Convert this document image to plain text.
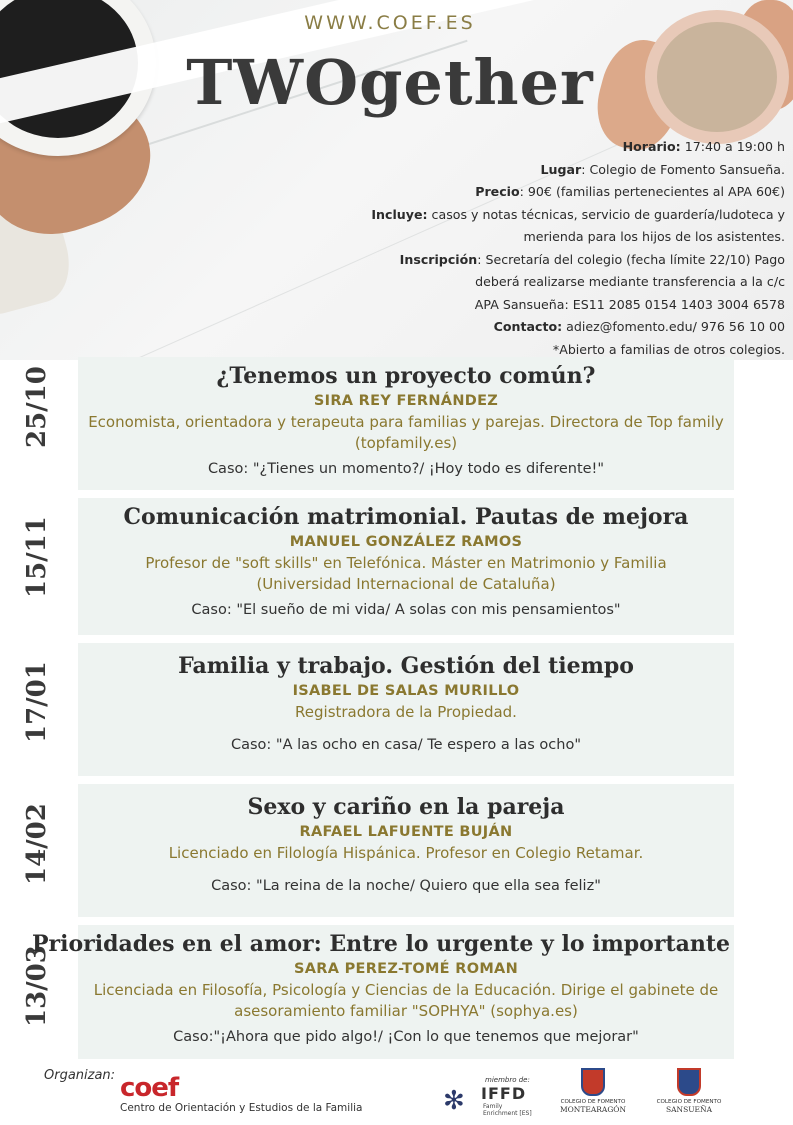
WWW.COEF.ES
TWOgether
Horario: 17:40 a 19:00 h
Lugar: Colegio de Fomento Sansueña.
Precio: 90€ (familias pertenecientes al APA 60€)
Incluye: casos y notas técnicas, servicio de guardería/ludoteca y
merienda para los hijos de los asistentes.
Inscripción: Secretaría del colegio (fecha límite 22/10) Pago
deberá realizarse mediante transferencia a la c/c
APA Sansueña: ES11 2085 0154 1403 3004 6578
Contacto: adiez@fomento.edu/ 976 56 10 00
*Abierto a familias de otros colegios.
25/10	¿Tenemos un proyecto común?
SIRA REY FERNÁNDEZ
Economista, orientadora y terapeuta para familias y parejas. Directora de Top family
(topfamily.es)
Caso: "¿Tienes un momento?/ ¡Hoy todo es diferente!"
15/11	Comunicación matrimonial. Pautas de mejora
MANUEL GONZÁLEZ RAMOS
Profesor de "soft skills" en Telefónica. Máster en Matrimonio y Familia
(Universidad Internacional de Cataluña)
Caso: "El sueño de mi vida/ A solas con mis pensamientos"
17/01	Familia y trabajo. Gestión del tiempo
ISABEL DE SALAS MURILLO
Registradora de la Propiedad.
Caso: "A las ocho en casa/ Te espero a las ocho"
14/02	Sexo y cariño en la pareja
RAFAEL LAFUENTE BUJÁN
Licenciado en Filología Hispánica. Profesor en Colegio Retamar.
Caso: "La reina de la noche/ Quiero que ella sea feliz"
13/03
Prioridades en el amor: Entre lo urgente y lo importante
SARA PEREZ-TOMÉ ROMAN
Licenciada en Filosofía, Psicología y Ciencias de la Educación. Dirige el gabinete de
asesoramiento familiar "SOPHYA" (sophya.es)
Caso:"¡Ahora que pido algo!/ ¡Con lo que tenemos que mejorar"
Organizan: coef
Centro de Orientación y Estudios de la Familia	✻
miembro de:
IFFD
Family Enrichment [ES]
COLEGIO DE FOMENTO
MONTEARAGÓN
COLEGIO DE FOMENTO
SANSUEÑA
